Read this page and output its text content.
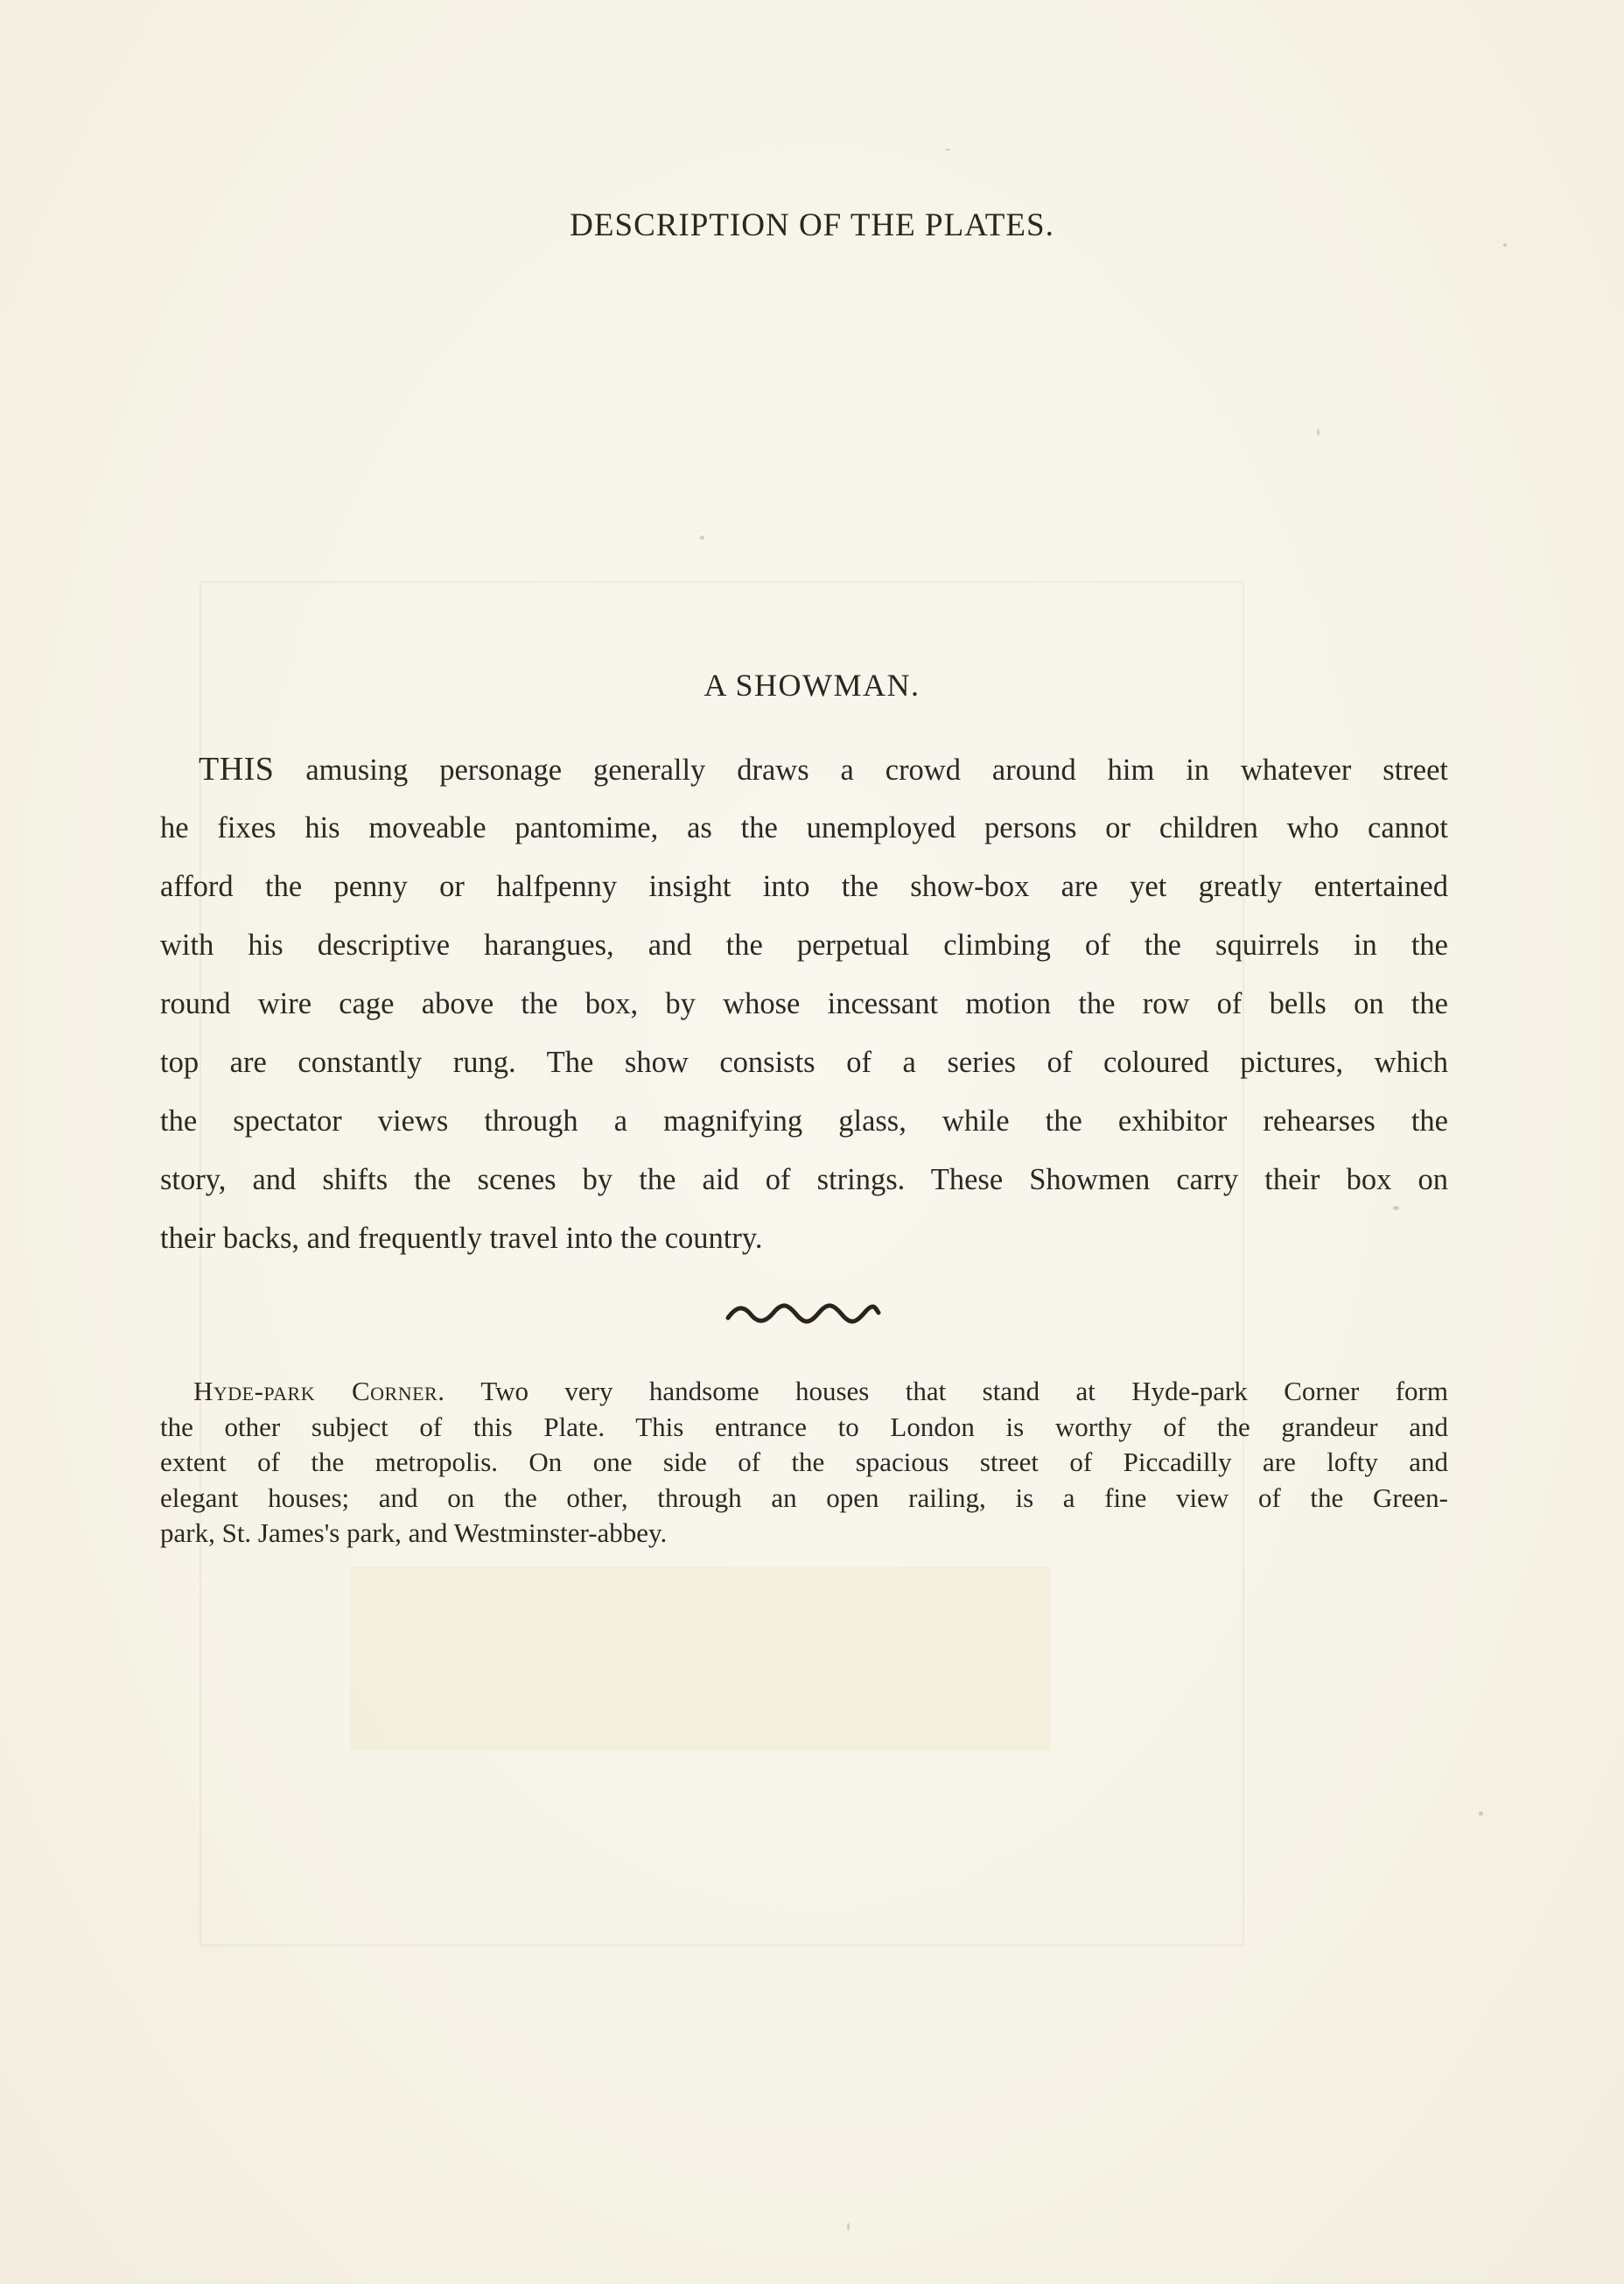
DESCRIPTION OF THE PLATES.
A SHOWMAN.
THIS amusing personage generally draws a crowd around him in whatever street
he fixes his moveable pantomime, as the unemployed persons or children who cannot
afford the penny or halfpenny insight into the show-box are yet greatly entertained
with his descriptive harangues, and the perpetual climbing of the squirrels in the
round wire cage above the box, by whose incessant motion the row of bells on the
top are constantly rung. The show consists of a series of coloured pictures, which
the spectator views through a magnifying glass, while the exhibitor rehearses the
story, and shifts the scenes by the aid of strings. These Showmen carry their box on
their backs, and frequently travel into the country.
Hyde-park Corner. Two very handsome houses that stand at Hyde-park Corner form
the other subject of this Plate. This entrance to London is worthy of the grandeur and
extent of the metropolis. On one side of the spacious street of Piccadilly are lofty and
elegant houses; and on the other, through an open railing, is a fine view of the Green-
park, St. James's park, and Westminster-abbey.
